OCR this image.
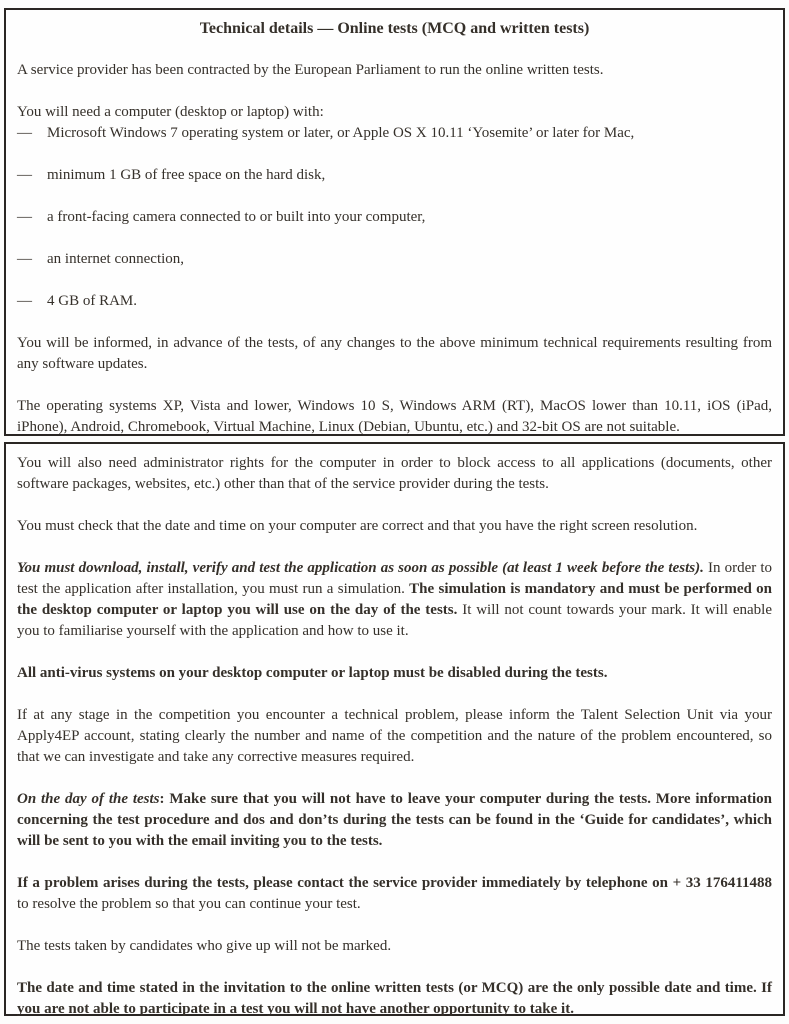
Technical details — Online tests (MCQ and written tests)

A service provider has been contracted by the European Parliament to run the online written tests.

You will need a computer (desktop or laptop) with:

—	Microsoft Windows 7 operating system or later, or Apple OS X 10.11 ‘Yosemite’ or later for Mac,
—	minimum 1 GB of free space on the hard disk,
—	a front-facing camera connected to or built into your computer,
—	an internet connection,
—	4 GB of RAM.

You will be informed, in advance of the tests, of any changes to the above minimum technical requirements resulting from any software updates.

The operating systems XP, Vista and lower, Windows 10 S, Windows ARM (RT), MacOS lower than 10.11, iOS (iPad, iPhone), Android, Chromebook, Virtual Machine, Linux (Debian, Ubuntu, etc.) and 32-bit OS are not suitable.

You will also need administrator rights for the computer in order to block access to all applications (documents, other software packages, websites, etc.) other than that of the service provider during the tests.

You must check that the date and time on your computer are correct and that you have the right screen resolution.

You must download, install, verify and test the application as soon as possible (at least 1 week before the tests). In order to test the application after installation, you must run a simulation. The simulation is mandatory and must be performed on the desktop computer or laptop you will use on the day of the tests. It will not count towards your mark. It will enable you to familiarise yourself with the application and how to use it.

All anti-virus systems on your desktop computer or laptop must be disabled during the tests.

If at any stage in the competition you encounter a technical problem, please inform the Talent Selection Unit via your Apply4EP account, stating clearly the number and name of the competition and the nature of the problem encountered, so that we can investigate and take any corrective measures required.

On the day of the tests: Make sure that you will not have to leave your computer during the tests. More information concerning the test procedure and dos and don’ts during the tests can be found in the ‘Guide for candidates’, which will be sent to you with the email inviting you to the tests.

If a problem arises during the tests, please contact the service provider immediately by telephone on + 33 176411488 to resolve the problem so that you can continue your test.

The tests taken by candidates who give up will not be marked.

The date and time stated in the invitation to the online written tests (or MCQ) are the only possible date and time. If you are not able to participate in a test you will not have another opportunity to take it.
